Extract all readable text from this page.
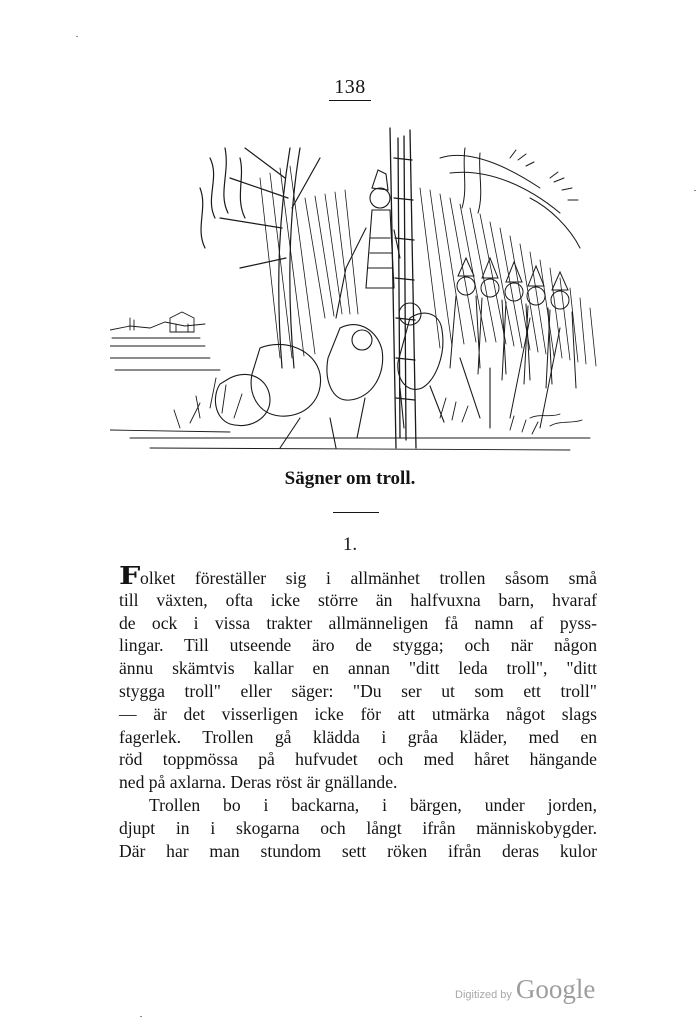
138
Sägner om troll.
1.
Folket föreställer sig i allmänhet trollen såsom små
till växten, ofta icke större än halfvuxna barn, hvaraf
de ock i vissa trakter allmänneligen få namn af pyss-
lingar. Till utseende äro de stygga; och när någon
ännu skämtvis kallar en annan "ditt leda troll", "ditt
stygga troll" eller säger: "Du ser ut som ett troll"
— är det visserligen icke för att utmärka något slags
fagerlek. Trollen gå klädda i gråa kläder, med en
röd toppmössa på hufvudet och med håret hängande
ned på axlarna. Deras röst är gnällande.
Trollen bo i backarna, i bärgen, under jorden,
djupt in i skogarna och långt ifrån människobygder.
Där har man stundom sett röken ifrån deras kulor
Digitized by Google
